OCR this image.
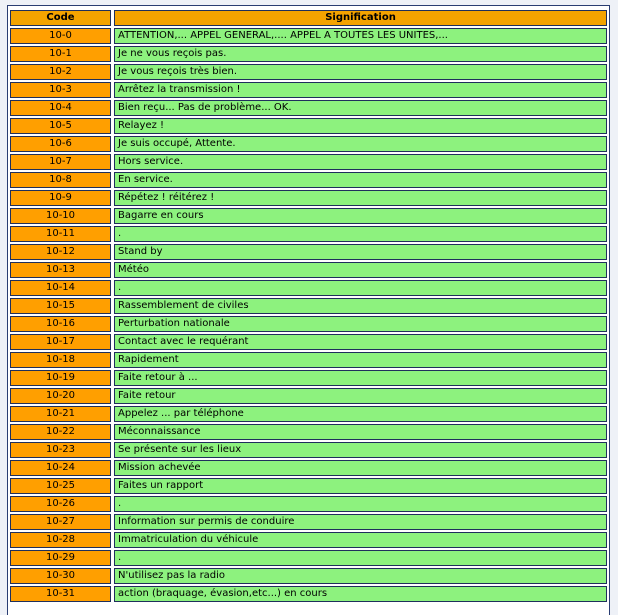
Code		Signification
10-0		ATTENTION,... APPEL GENERAL,.... APPEL A TOUTES LES UNITES,...
10-1		Je ne vous reçois pas.
10-2		Je vous reçois très bien.
10-3		Arrêtez la transmission !
10-4		Bien reçu... Pas de problème... OK.
10-5		Relayez !
10-6		Je suis occupé, Attente.
10-7		Hors service.
10-8		En service.
10-9		Répétez ! réitérez !
10-10		Bagarre en cours
10-11		.
10-12		Stand by
10-13		Météo
10-14		.
10-15		Rassemblement de civiles
10-16		Perturbation nationale
10-17		Contact avec le requérant
10-18		Rapidement
10-19		Faite retour à ...
10-20		Faite retour
10-21		Appelez ... par téléphone
10-22		Méconnaissance
10-23		Se présente sur les lieux
10-24		Mission achevée
10-25		Faites un rapport
10-26		.
10-27		Information sur permis de conduire
10-28		Immatriculation du véhicule
10-29		.
10-30		N'utilisez pas la radio
10-31		action (braquage, évasion,etc...) en cours
